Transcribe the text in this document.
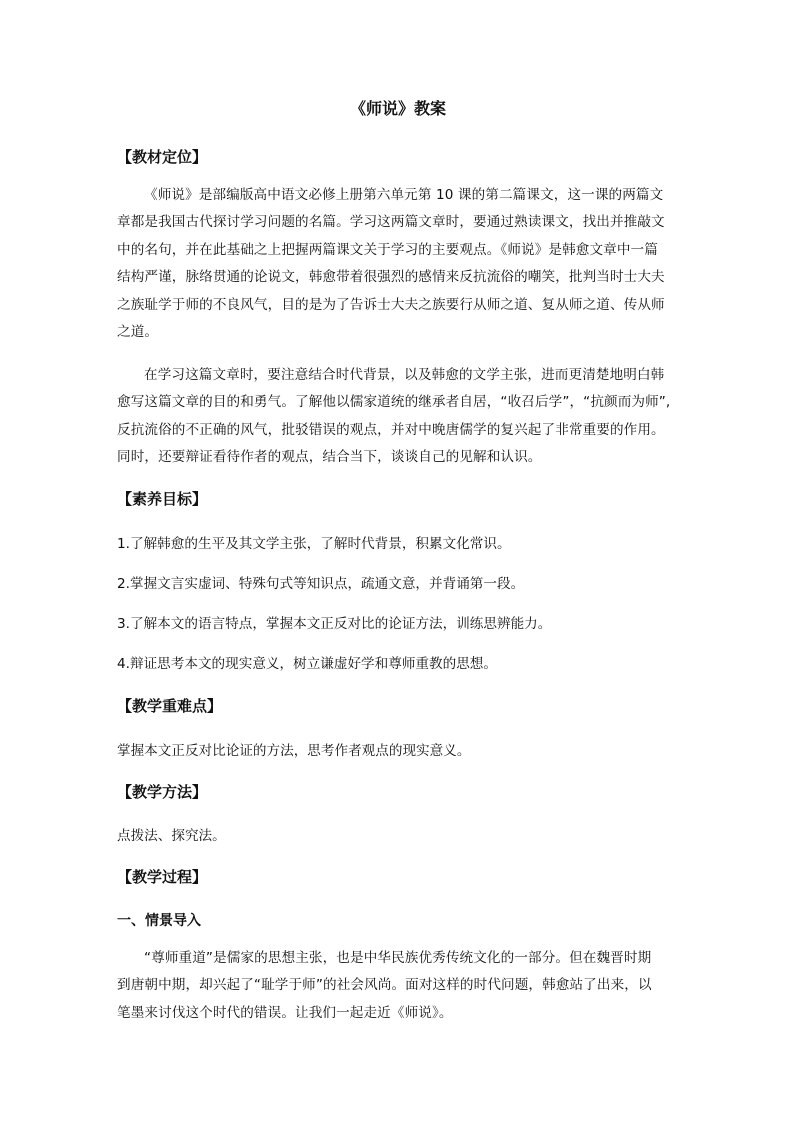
《师说》教案
【教材定位】
《师说》是部编版高中语文必修上册第六单元第 10 课的第二篇课文，这一课的两篇文
章都是我国古代探讨学习问题的名篇。学习这两篇文章时，要通过熟读课文，找出并推敲文
中的名句，并在此基础之上把握两篇课文关于学习的主要观点。《师说》是韩愈文章中一篇
结构严谨，脉络贯通的论说文，韩愈带着很强烈的感情来反抗流俗的嘲笑，批判当时士大夫
之族耻学于师的不良风气，目的是为了告诉士大夫之族要行从师之道、复从师之道、传从师
之道。
在学习这篇文章时，要注意结合时代背景，以及韩愈的文学主张，进而更清楚地明白韩
愈写这篇文章的目的和勇气。了解他以儒家道统的继承者自居，“收召后学”，“抗颜而为师”,
反抗流俗的不正确的风气，批驳错误的观点，并对中晚唐儒学的复兴起了非常重要的作用。
同时，还要辩证看待作者的观点，结合当下，谈谈自己的见解和认识。
【素养目标】

1.了解韩愈的生平及其文学主张，了解时代背景，积累文化常识。

2.掌握文言实虚词、特殊句式等知识点，疏通文意，并背诵第一段。

3.了解本文的语言特点，掌握本文正反对比的论证方法，训练思辨能力。

4.辩证思考本文的现实意义，树立谦虚好学和尊师重教的思想。

【教学重难点】

掌握本文正反对比论证的方法，思考作者观点的现实意义。

【教学方法】

点拨法、探究法。

【教学过程】
一、情景导入
“尊师重道”是儒家的思想主张，也是中华民族优秀传统文化的一部分。但在魏晋时期
到唐朝中期，却兴起了“耻学于师”的社会风尚。面对这样的时代问题，韩愈站了出来，以
笔墨来讨伐这个时代的错误。让我们一起走近《师说》。
